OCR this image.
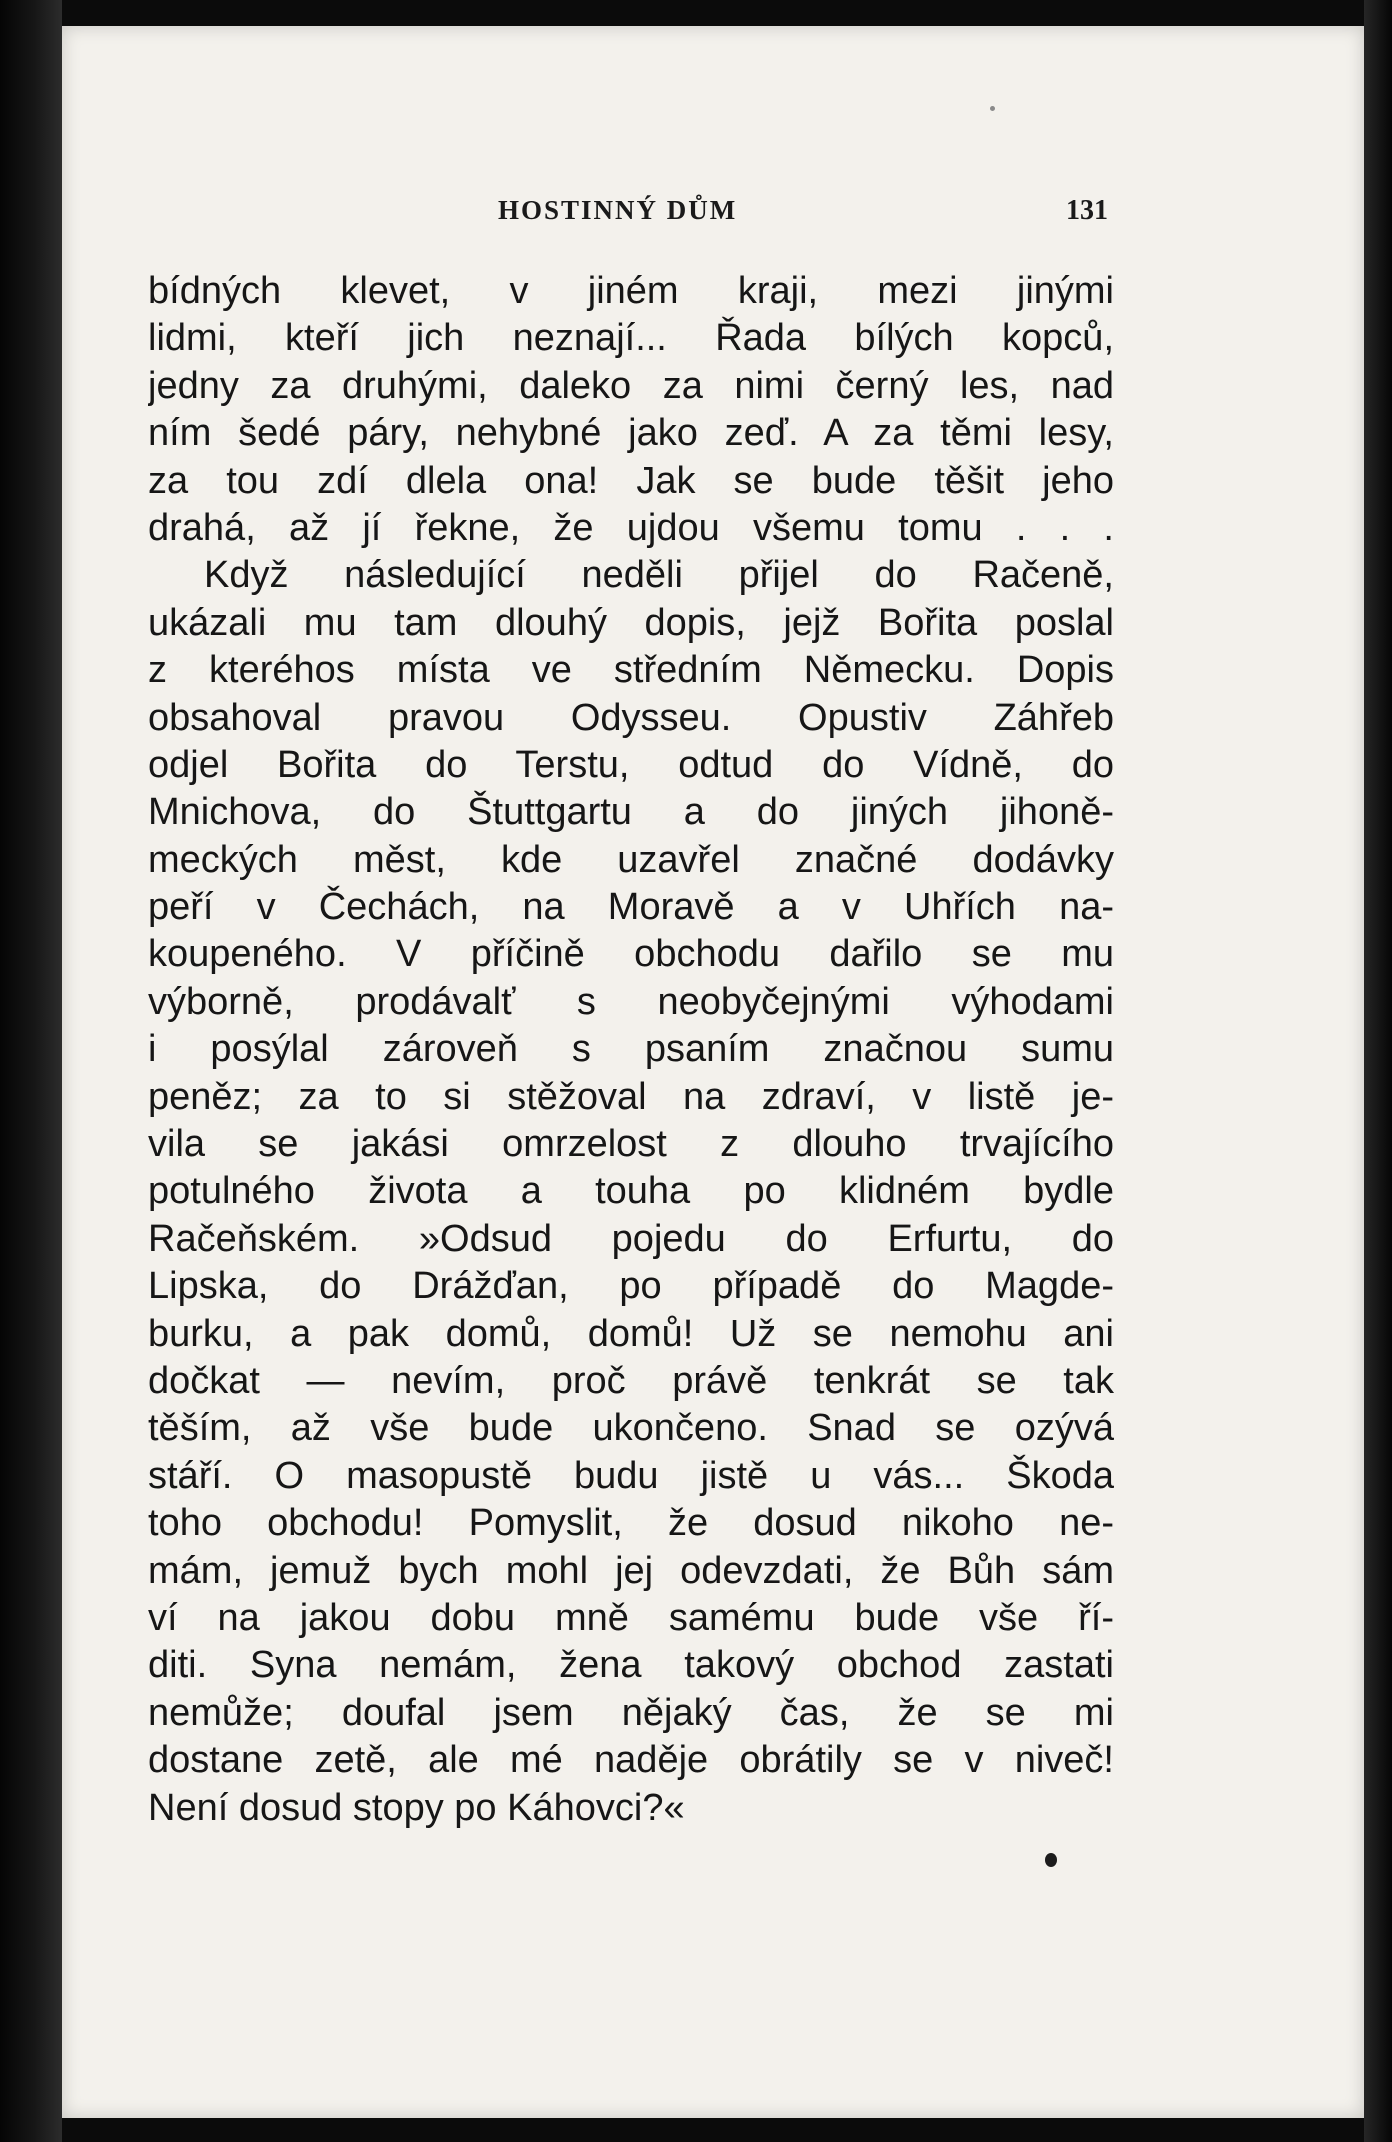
HOSTINNÝ DŮM	131
bídných klevet, v jiném kraji, mezi jinými
lidmi, kteří jich neznají... Řada bílých kopců,
jedny za druhými, daleko za nimi černý les, nad
ním šedé páry, nehybné jako zeď. A za těmi lesy,
za tou zdí dlela ona! Jak se bude těšit jeho
drahá, až jí řekne, že ujdou všemu tomu . . .
Když následující neděli přijel do Račeně,
ukázali mu tam dlouhý dopis, jejž Bořita poslal
z kteréhos místa ve středním Německu. Dopis
obsahoval pravou Odysseu. Opustiv Záhřeb
odjel Bořita do Terstu, odtud do Vídně, do
Mnichova, do Štuttgartu a do jiných jihoně-
meckých měst, kde uzavřel značné dodávky
peří v Čechách, na Moravě a v Uhřích na-
koupeného. V příčině obchodu dařilo se mu
výborně, prodávalť s neobyčejnými výhodami
i posýlal zároveň s psaním značnou sumu
peněz; za to si stěžoval na zdraví, v listě je-
vila se jakási omrzelost z dlouho trvajícího
potulného života a touha po klidném bydle
Račeňském. »Odsud pojedu do Erfurtu, do
Lipska, do Drážďan, po případě do Magde-
burku, a pak domů, domů! Už se nemohu ani
dočkat — nevím, proč právě tenkrát se tak
těším, až vše bude ukončeno. Snad se ozývá
stáří. O masopustě budu jistě u vás... Škoda
toho obchodu! Pomyslit, že dosud nikoho ne-
mám, jemuž bych mohl jej odevzdati, že Bůh sám
ví na jakou dobu mně samému bude vše ří-
diti. Syna nemám, žena takový obchod zastati
nemůže; doufal jsem nějaký čas, že se mi
dostane zetě, ale mé naděje obrátily se v niveč!
Není dosud stopy po Káhovci?«
